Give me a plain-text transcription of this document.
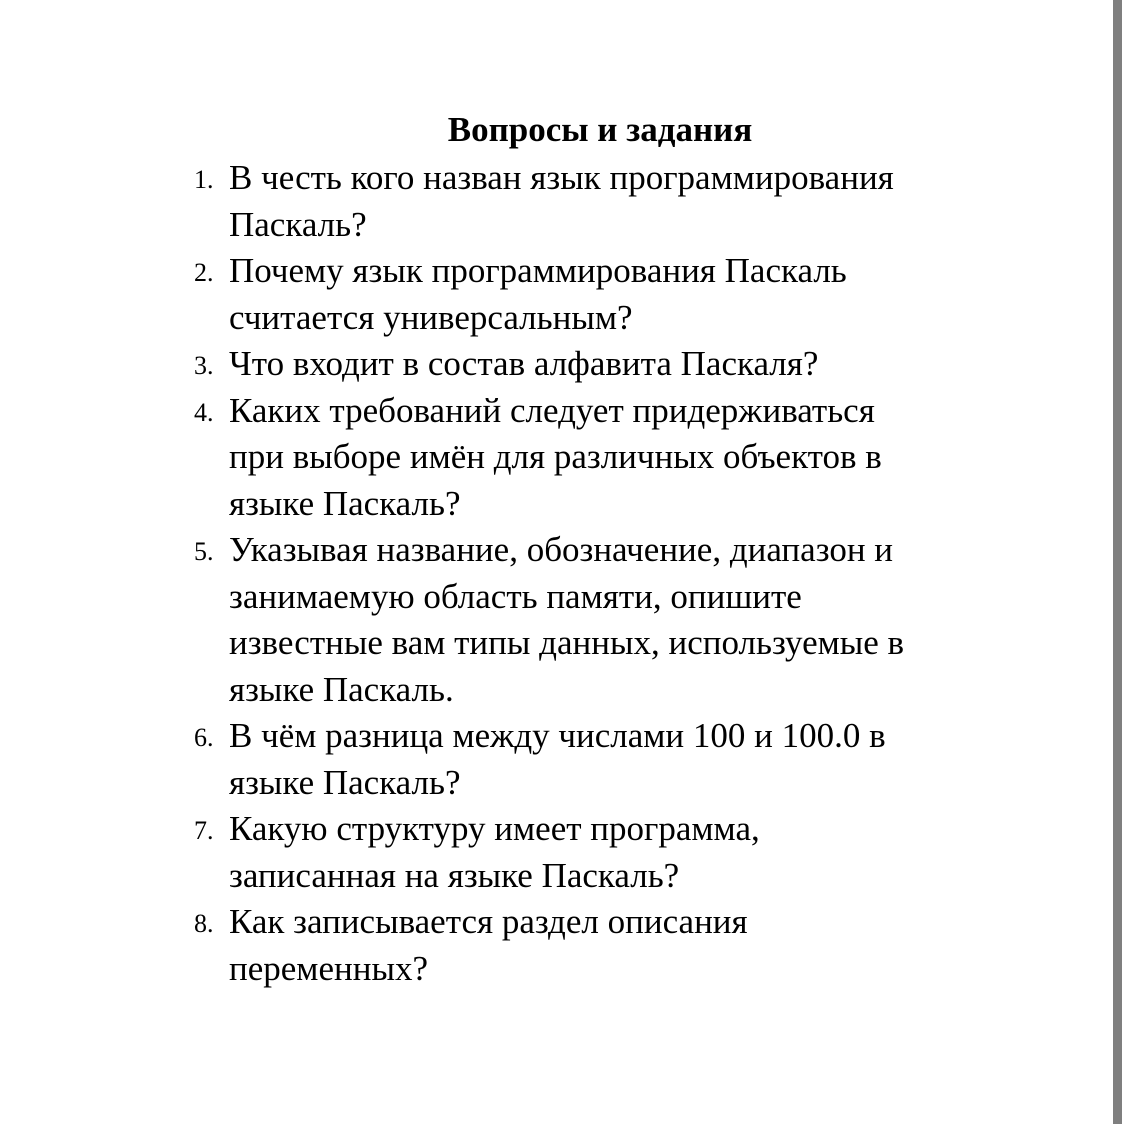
Вопросы и задания
1. В честь кого назван язык программирования
Паскаль?
2. Почему язык программирования Паскаль
считается универсальным?
3. Что входит в состав алфавита Паскаля?
4. Каких требований следует придерживаться
при выборе имён для различных объектов в
языке Паскаль?
5. Указывая название, обозначение, диапазон и
занимаемую область памяти, опишите
известные вам типы данных, используемые в
языке Паскаль.
6. В чём разница между числами 100 и 100.0 в
языке Паскаль?
7. Какую структуру имеет программа,
записанная на языке Паскаль?
8. Как записывается раздел описания
переменных?
